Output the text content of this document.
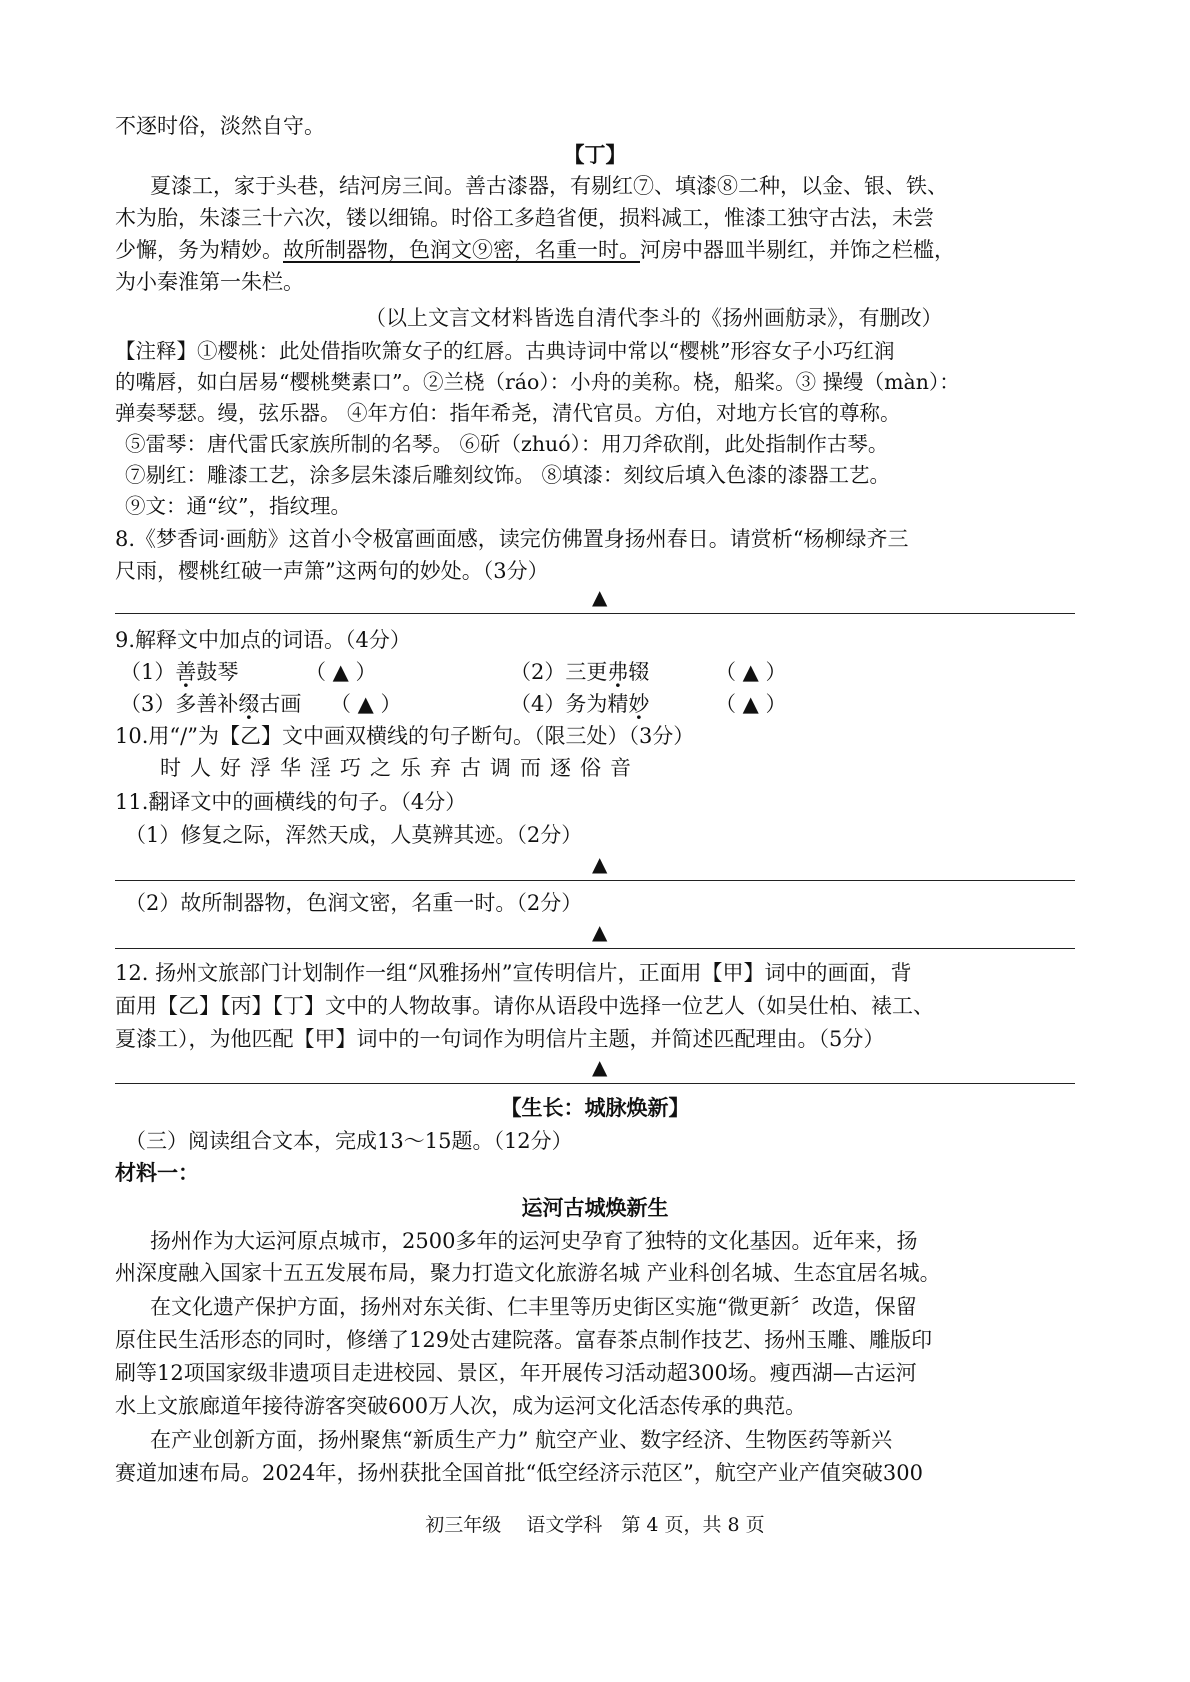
不逐时俗，淡然自守。
【丁】
夏漆工，家于头巷，结河房三间。善古漆器，有剔红⑦、填漆⑧二种，以金、银、铁、
木为胎，朱漆三十六次，镂以细锦。时俗工多趋省便，损料减工，惟漆工独守古法，未尝
少懈，务为精妙。故所制器物，色润文⑨密，名重一时。河房中器皿半剔红，并饰之栏槛，
为小秦淮第一朱栏。
（以上文言文材料皆选自清代李斗的《扬州画舫录》，有删改）
【注释】①樱桃：此处借指吹箫女子的红唇。古典诗词中常以“樱桃”形容女子小巧红润
的嘴唇，如白居易“樱桃樊素口”。②兰桡（ráo）：小舟的美称。桡，船桨。③ 操缦（màn）：
弹奏琴瑟。缦，弦乐器。 ④年方伯：指年希尧，清代官员。方伯，对地方长官的尊称。
⑤雷琴：唐代雷氏家族所制的名琴。 ⑥斫（zhuó）：用刀斧砍削，此处指制作古琴。
⑦剔红：雕漆工艺，涂多层朱漆后雕刻纹饰。 ⑧填漆：刻纹后填入色漆的漆器工艺。
⑨文：通“纹”，指纹理。
8.《梦香词·画舫》这首小令极富画面感，读完仿佛置身扬州春日。请赏析“杨柳绿齐三
尺雨，樱桃红破一声箫”这两句的妙处。（3分）
▲
9.解释文中加点的词语。（4分）
（1）善鼓琴	（ ▲ ）	（2）三更弗辍	（ ▲ ）
（3）多善补缀古画 （ ▲ ）	（4）务为精妙	（ ▲ ）
10.用“/”为【乙】文中画双横线的句子断句。（限三处）（3分）
时人好浮华淫巧之乐弃古调而逐俗音
11.翻译文中的画横线的句子。（4分）
（1）修复之际，浑然天成，人莫辨其迹。（2分）
▲
（2）故所制器物，色润文密，名重一时。（2分）
▲
12. 扬州文旅部门计划制作一组“风雅扬州”宣传明信片，正面用【甲】词中的画面，背
面用【乙】【丙】【丁】文中的人物故事。请你从语段中选择一位艺人（如吴仕柏、裱工、
夏漆工），为他匹配【甲】词中的一句词作为明信片主题，并简述匹配理由。（5分）
▲
【生长：城脉焕新】
（三）阅读组合文本，完成13～15题。（12分）
材料一：
运河古城焕新生
扬州作为大运河原点城市，2500多年的运河史孕育了独特的文化基因。近年来，扬
州深度融入国家十五五发展布局，聚力打造文化旅游名城 产业科创名城、生态宜居名城。
在文化遗产保护方面，扬州对东关街、仁丰里等历史街区实施“微更新〞改造，保留
原住民生活形态的同时，修缮了129处古建院落。富春茶点制作技艺、扬州玉雕、雕版印
刷等12项国家级非遗项目走进校园、景区，年开展传习活动超300场。瘦西湖—古运河
水上文旅廊道年接待游客突破600万人次，成为运河文化活态传承的典范。
在产业创新方面，扬州聚焦“新质生产力” 航空产业、数字经济、生物医药等新兴
赛道加速布局。2024年，扬州获批全国首批“低空经济示范区”，航空产业产值突破300
初三年级　 语文学科　第 4 页，共 8 页
